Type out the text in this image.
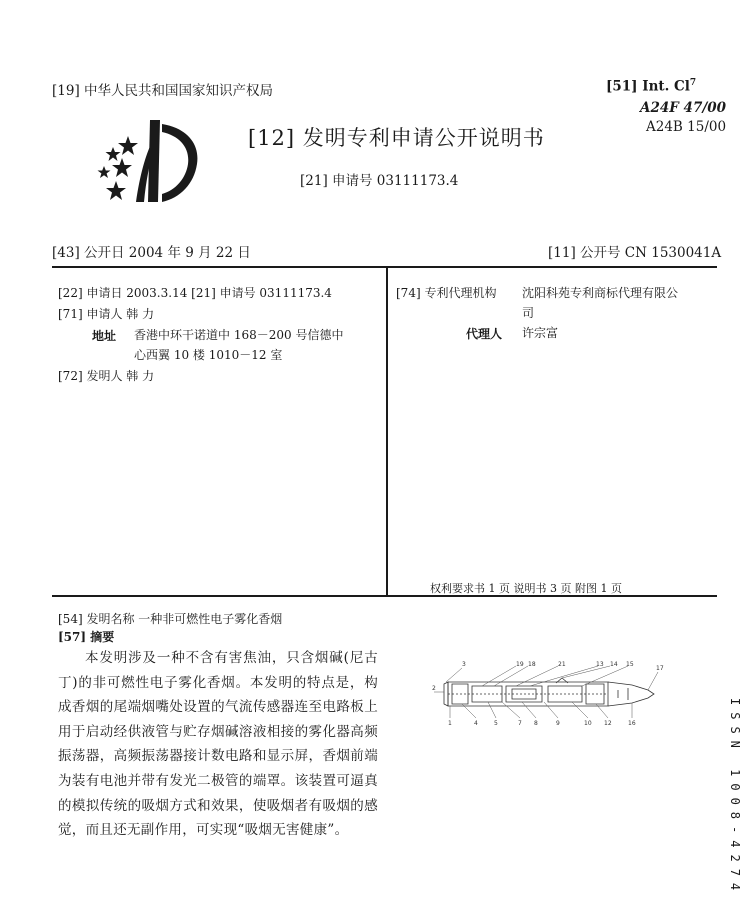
[19] 中华人民共和国国家知识产权局
[12] 发明专利申请公开说明书
[21] 申请号 03111173.4
[51] Int. Cl$^7$
A24F 47/00
A24B 15/00
[43] 公开日 2004 年 9 月 22 日	[11] 公开号 CN 1530041A
[22] 申请日 2003.3.14 [21] 申请号 03111173.4
[71] 申请人 韩 力
地址 香港中环干诺道中 168－200 号信德中
心西翼 10 楼 1010－12 室
[72] 发明人 韩 力
[74] 专利代理机构 沈阳科苑专利商标代理有限公
司
代理人 许宗富
权利要求书 1 页 说明书 3 页 附图 1 页
[54] 发明名称 一种非可燃性电子雾化香烟
[57] 摘要
本发明涉及一种不含有害焦油，只含烟碱(尼古丁)的非可燃性电子雾化香烟。本发明的特点是，构成香烟的尾端烟嘴处设置的气流传感器连至电路板上用于启动经供液管与贮存烟碱溶液相接的雾化器高频振荡器，高频振荡器接计数电路和显示屏，香烟前端为装有电池并带有发光二极管的端罩。该装置可逼真的模拟传统的吸烟方式和效果，使吸烟者有吸烟的感觉，而且还无副作用，可实现“吸烟无害健康”。
3	19 18	21	13 14 15
17
2
1	4	5	7 8	9	10 12	16	ISSN 1008-4274
